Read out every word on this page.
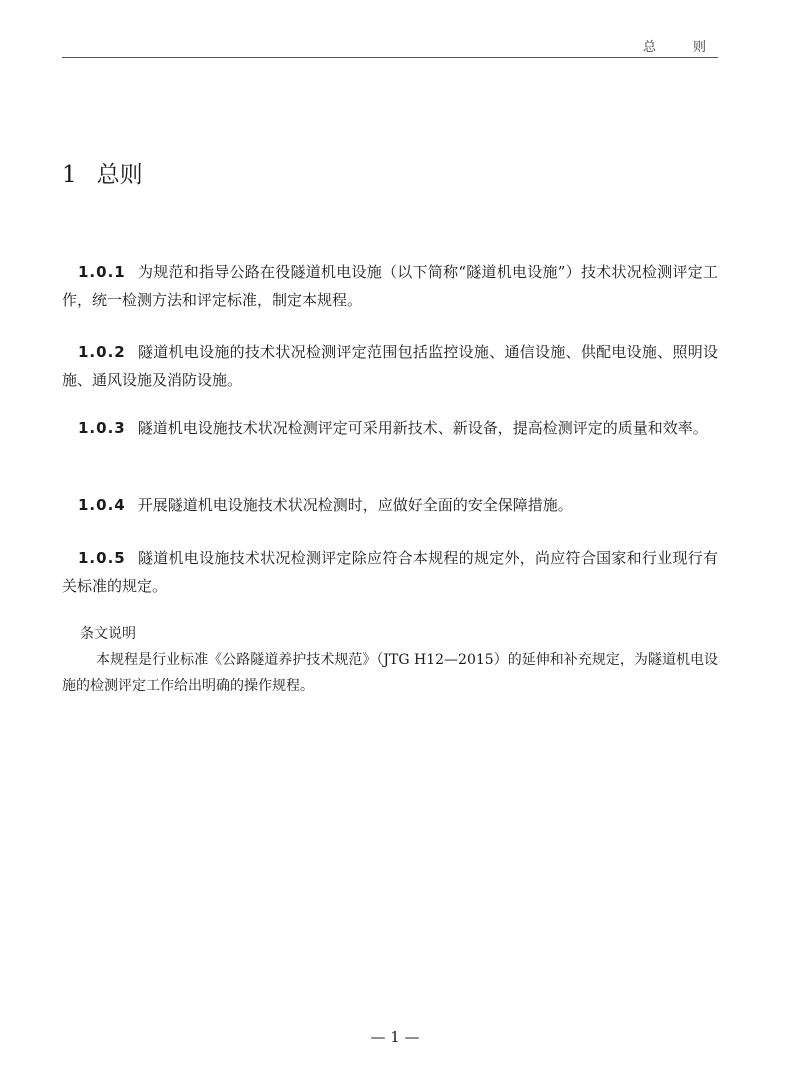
总　则
1 总则
1.0.1 为规范和指导公路在役隧道机电设施（以下简称“隧道机电设施”）技术状况检测评定工作，统一检测方法和评定标准，制定本规程。
1.0.2 隧道机电设施的技术状况检测评定范围包括监控设施、通信设施、供配电设施、照明设施、通风设施及消防设施。
1.0.3 隧道机电设施技术状况检测评定可采用新技术、新设备，提高检测评定的质量和效率。
1.0.4 开展隧道机电设施技术状况检测时，应做好全面的安全保障措施。
1.0.5 隧道机电设施技术状况检测评定除应符合本规程的规定外，尚应符合国家和行业现行有关标准的规定。
条文说明
本规程是行业标准《公路隧道养护技术规范》（JTG H12—2015）的延伸和补充规定，为隧道机电设施的检测评定工作给出明确的操作规程。
— 1 —
